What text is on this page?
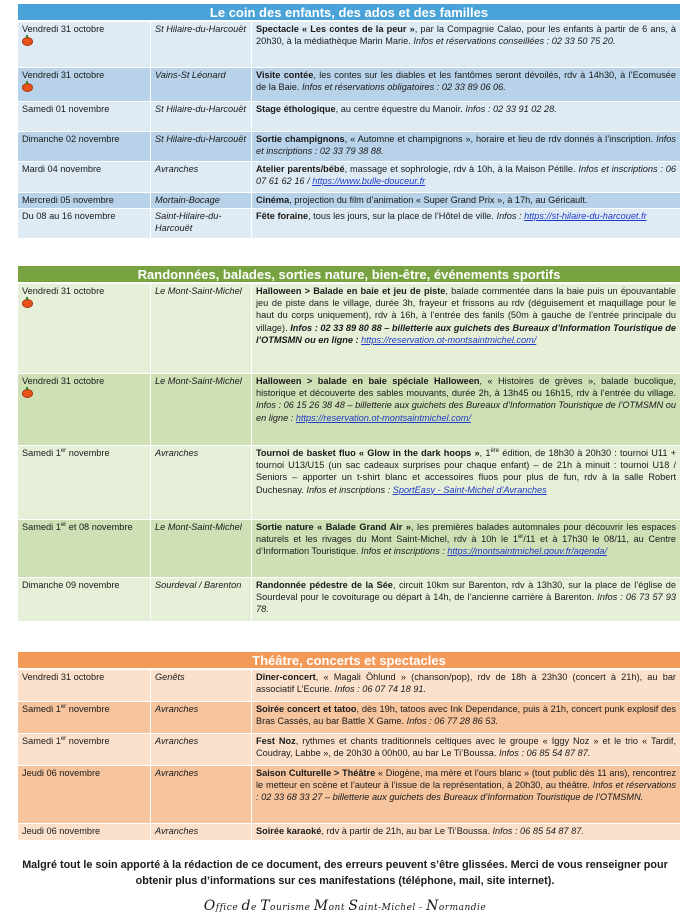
Le coin des enfants, des ados et des familles
Vendredi 31 octobre	St Hilaire-du-Harcouët	Spectacle « Les contes de la peur », par la Compagnie Calao, pour les enfants à partir de 6 ans, à 20h30, à la médiathèque Marin Marie. Infos et réservations conseillées : 02 33 50 75 20.
Vendredi 31 octobre	Vains-St Léonard	Visite contée, les contes sur les diables et les fantômes seront dévoilés, rdv à 14h30, à l’Ecomusée de la Baie. Infos et réservations obligatoires : 02 33 89 06 06.
Samedi 01 novembre	St Hilaire-du-Harcouët	Stage éthologique, au centre équestre du Manoir. Infos : 02 33 91 02 28.
Dimanche 02 novembre	St Hilaire-du-Harcouët	Sortie champignons, « Automne et champignons », horaire et lieu de rdv donnés à l’inscription. Infos et inscriptions : 02 33 79 38 88.
Mardi 04 novembre	Avranches	Atelier parents/bébé, massage et sophrologie, rdv à 10h, à la Maison Pétille. Infos et inscriptions : 06 07 61 62 16 / https://www.bulle-douceur.fr
Mercredi 05 novembre	Mortain-Bocage	Cinéma, projection du film d’animation « Super Grand Prix », à 17h, au Géricault.
Du 08 au 16 novembre	Saint-Hilaire-du-Harcouët	Fête foraine, tous les jours, sur la place de l’Hôtel de ville. Infos : https://st-hilaire-du-harcouet.fr
Randonnées, balades, sorties nature, bien-être, événements sportifs
Vendredi 31 octobre	Le Mont-Saint-Michel	Halloween > Balade en baie et jeu de piste, balade commentée dans la baie puis un épouvantable jeu de piste dans le village, durée 3h, frayeur et frissons au rdv (déguisement et maquillage pour le haut du corps uniquement), rdv à 16h, à l’entrée des fanils (50m à gauche de l’entrée principale du village). Infos : 02 33 89 80 88 – billetterie aux guichets des Bureaux d’Information Touristique de l’OTMSMN ou en ligne : https://reservation.ot-montsaintmichel.com/
Vendredi 31 octobre	Le Mont-Saint-Michel	Halloween > balade en baie spéciale Halloween, « Histoires de grèves », balade bucolique, historique et découverte des sables mouvants, durée 2h, à 13h45 ou 16h15, rdv à l’entrée du village. Infos : 06 15 26 38 48 – billetterie aux guichets des Bureaux d’Information Touristique de l’OTMSMN ou en ligne : https://reservation.ot-montsaintmichel.com/
Samedi 1er novembre	Avranches	Tournoi de basket fluo « Glow in the dark hoops », 1ère édition, de 18h30 à 20h30 : tournoi U11 + tournoi U13/U15 (un sac cadeaux surprises pour chaque enfant) – de 21h à minuit : tournoi U18 / Seniors – apporter un t-shirt blanc et accessoires fluos pour plus de fun, rdv à la salle Robert Duchesnay. Infos et inscriptions : SportEasy - Saint-Michel d’Avranches
Samedi 1er et 08 novembre	Le Mont-Saint-Michel	Sortie nature « Balade Grand Air », les premières balades automnales pour découvrir les espaces naturels et les rivages du Mont Saint-Michel, rdv à 10h le 1er/11 et à 17h30 le 08/11, au Centre d’Information Touristique. Infos et inscriptions : https://montsaintmichel.gouv.fr/agenda/
Dimanche 09 novembre	Sourdeval / Barenton	Randonnée pédestre de la Sée, circuit 10km sur Barenton, rdv à 13h30, sur la place de l’église de Sourdeval pour le covoiturage ou départ à 14h, de l’ancienne carrière à Barenton. Infos : 06 73 57 93 78.
Théâtre, concerts et spectacles
Vendredi 31 octobre	Genêts	Dîner-concert, « Magali Öhlund » (chanson/pop), rdv de 18h à 23h30 (concert à 21h), au bar associatif L’Ecurie. Infos : 06 07 74 18 91.
Samedi 1er novembre	Avranches	Soirée concert et tatoo, dès 19h, tatoos avec Ink Dependance, puis à 21h, concert punk explosif des Bras Cassés, au bar Battle X Game. Infos : 06 77 28 86 53.
Samedi 1er novembre	Avranches	Fest Noz, rythmes et chants traditionnels celtiques avec le groupe « Iggy Noz » et le trio « Tardif, Coudray, Labbe », de 20h30 à 00h00, au bar Le Ti’Boussa. Infos : 06 85 54 87 87.
Jeudi 06 novembre	Avranches	Saison Culturelle > Théâtre « Diogène, ma mère et l’ours blanc » (tout public dès 11 ans), rencontrez le metteur en scène et l’auteur à l’issue de la représentation, à 20h30, au théâtre. Infos et réservations : 02 33 68 33 27 – billetterie aux guichets des Bureaux d’Information Touristique de l’OTMSMN.
Jeudi 06 novembre	Avranches	Soirée karaoké, rdv à partir de 21h, au bar Le Ti’Boussa. Infos : 06 85 54 87 87.
Malgré tout le soin apporté à la rédaction de ce document, des erreurs peuvent s’être glissées. Merci de vous renseigner pour obtenir plus d’informations sur ces manifestations (téléphone, mail, site internet).
Office de Tourisme Mont Saint-Michel - Normandie
